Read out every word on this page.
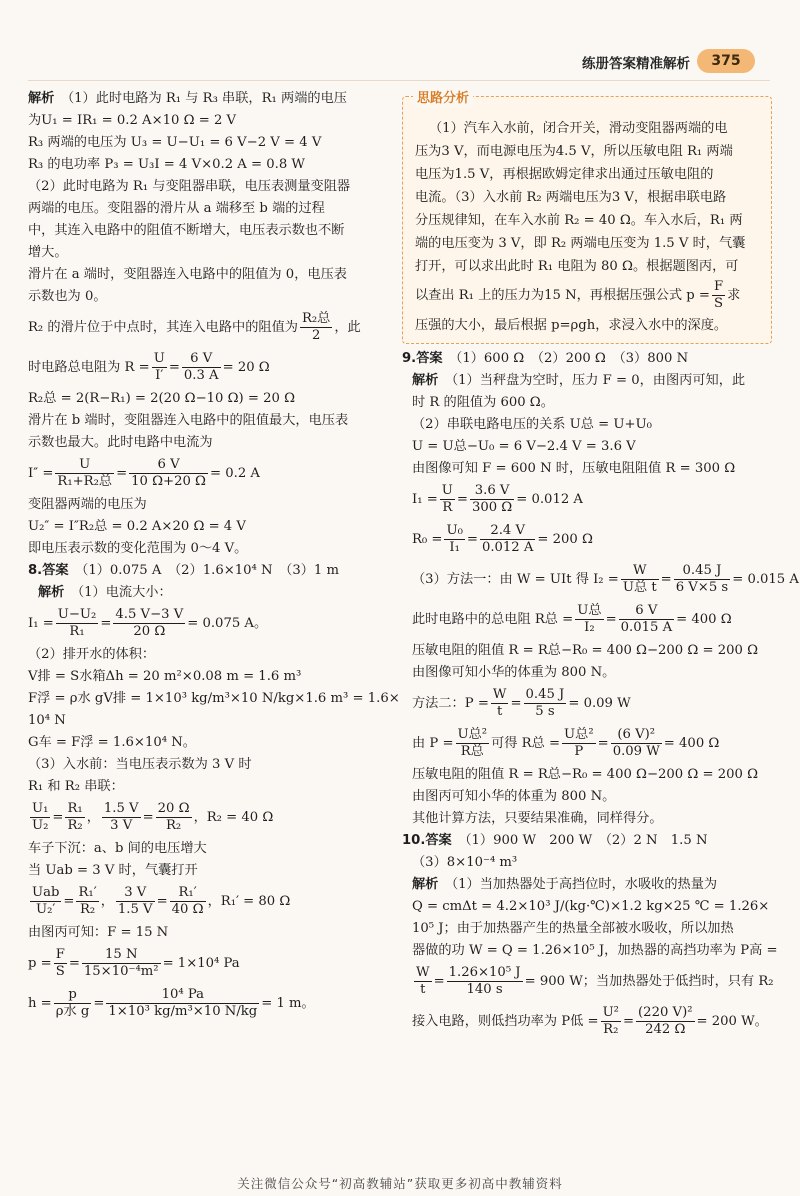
练册答案精准解析	375
解析　 （1）此时电路为 R₁ 与 R₃ 串联，R₁ 两端的电压
为U₁ = IR₁ = 0.2 A×10 Ω = 2 V
R₃ 两端的电压为 U₃ = U−U₁ = 6 V−2 V = 4 V
R₃ 的电功率 P₃ = U₃I = 4 V×0.2 A = 0.8 W
（2）此时电路为 R₁ 与变阻器串联，电压表测量变阻器
两端的电压。变阻器的滑片从 a 端移至 b 端的过程
中，其连入电路中的阻值不断增大，电压表示数也不断
增大。
滑片在 a 端时，变阻器连入电路中的阻值为 0，电压表
示数也为 0。
R₂ 的滑片位于中点时，其连入电路中的阻值为 $\frac{\text{R₂总}}{2}$ ，此
时电路总电阻为 $R = \frac{U}{I'} = \frac{6 V}{0.3 A} = 20$ Ω
R₂总 = 2(R−R₁) = 2(20 Ω−10 Ω) = 20 Ω
滑片在 b 端时，变阻器连入电路中的阻值最大，电压表
示数也最大。此时电路中电流为
$I'' = \frac{U}{\text{R₁+R₂总}} = \frac{6 V}{10 \Omega+20 \Omega} = 0.2$ A
变阻器两端的电压为
U₂″ = I″R₂总 = 0.2 A×20 Ω = 4 V
即电压表示数的变化范围为 0～4 V。
8.答案　 （1）0.075 A　（2）1.6×10⁴ N　（3）1 m
解析　 （1）电流大小：
$I_1 = \frac{\text{U−U₂}}{\text{R₁}} = \frac{4.5 V-3 V}{20 \Omega} = 0.075$ A。
（2）排开水的体积：
V排 = S水箱Δh = 20 m²×0.08 m = 1.6 m³
F浮 = ρ水 gV排 = 1×10³ kg/m³×10 N/kg×1.6 m³ = 1.6×
10⁴ N
G车 = F浮 = 1.6×10⁴ N。
（3）入水前：当电压表示数为 3 V 时
R₁ 和 R₂ 串联：
$\frac{\text{U₁}}{\text{U₂}} = \frac{\text{R₁}}{\text{R₂}}$ ， $\frac{1.5 V}{3 V} = \frac{20 \Omega}{\text{R₂}}$ ，R₂ = 40 Ω
车子下沉：a、b 间的电压增大
当 Uab = 3 V 时，气囊打开
$\frac{\text{Uab}}{\text{U₂′}} = \frac{\text{R₁′}}{\text{R₂}}$ ， $\frac{3 V}{1.5 V} = \frac{\text{R₁′}}{40 \Omega}$ ，R₁′ = 80 Ω
由图丙可知：F = 15 N
$p = \frac{F}{S} = \frac{15 N}{\text{15×10⁻⁴m²}} = 1\times 10^4$ Pa
$h = \frac{p}{\text{ρ水 g}} = \frac{\text{10⁴ Pa}}{\text{1×10³ kg/m³×10 N/kg}} = 1$ m。
思路分析
（1）汽车入水前，闭合开关，滑动变阻器两端的电
压为3 V，而电源电压为4.5 V，所以压敏电阻 R₁ 两端
电压为1.5 V，再根据欧姆定律求出通过压敏电阻的
电流。（3）入水前 R₂ 两端电压为3 V，根据串联电路
分压规律知，在车入水前 R₂ = 40 Ω。车入水后，R₁ 两
端的电压变为 3 V，即 R₂ 两端电压变为 1.5 V 时，气囊
打开，可以求出此时 R₁ 电阻为 80 Ω。根据题图丙，可
以查出 R₁ 上的压力为15 N，再根据压强公式 $p = \frac{F}{S}$ 求
压强的大小，最后根据 p=ρgh，求浸入水中的深度。
9.答案　 （1）600 Ω　（2）200 Ω　（3）800 N
解析　 （1）当秤盘为空时，压力 F = 0，由图丙可知，此
时 R 的阻值为 600 Ω。
（2）串联电路电压的关系 U总 = U+U₀
U = U总−U₀ = 6 V−2.4 V = 3.6 V
由图像可知 F = 600 N 时，压敏电阻阻值 R = 300 Ω
$I_1 = \frac{U}{R} = \frac{3.6 V}{300 \Omega} = 0.012$ A
$R_0 = \frac{\text{U₀}}{\text{I₁}} = \frac{2.4 V}{0.012 A} = 200$ Ω
（3）方法一：由 W = UIt 得 $I_2 = \frac{W}{\text{U总 t}} = \frac{0.45 J}{6 V\times 5 s} = 0.015$ A
此时电路中的总电阻 R总 = $\frac{\text{U总}}{\text{I₂}} = \frac{6 V}{0.015 A} = 400$ Ω
压敏电阻的阻值 R = R总−R₀ = 400 Ω−200 Ω = 200 Ω
由图像可知小华的体重为 800 N。
方法二：$P = \frac{W}{t} = \frac{0.45 J}{5 s} = 0.09$ W
由 $P = \frac{\text{U总²}}{\text{R总}}$ 可得 R总 = $\frac{\text{U总²}}{P} = \frac{\text{(6 V)²}}{0.09 W} = 400$ Ω
压敏电阻的阻值 R = R总−R₀ = 400 Ω−200 Ω = 200 Ω
由图丙可知小华的体重为 800 N。
其他计算方法，只要结果准确，同样得分。
10.答案　 （1）900 W　200 W　（2）2 N　1.5 N
（3）8×10⁻⁴ m³
解析　 （1）当加热器处于高挡位时，水吸收的热量为
Q = cmΔt = 4.2×10³ J/(kg·℃)×1.2 kg×25 ℃ = 1.26×
10⁵ J；由于加热器产生的热量全部被水吸收，所以加热
器做的功 W = Q = 1.26×10⁵ J，加热器的高挡功率为 P高 =
$\frac{W}{t} = \frac{\text{1.26×10⁵ J}}{140 s} = 900$ W；当加热器处于低挡时，只有 R₂
接入电路，则低挡功率为 P低 = $\frac{\text{U²}}{\text{R₂}} = \frac{\text{(220 V)²}}{242 \Omega} = 200$ W。
关注微信公众号“初高教辅站”获取更多初高中教辅资料
